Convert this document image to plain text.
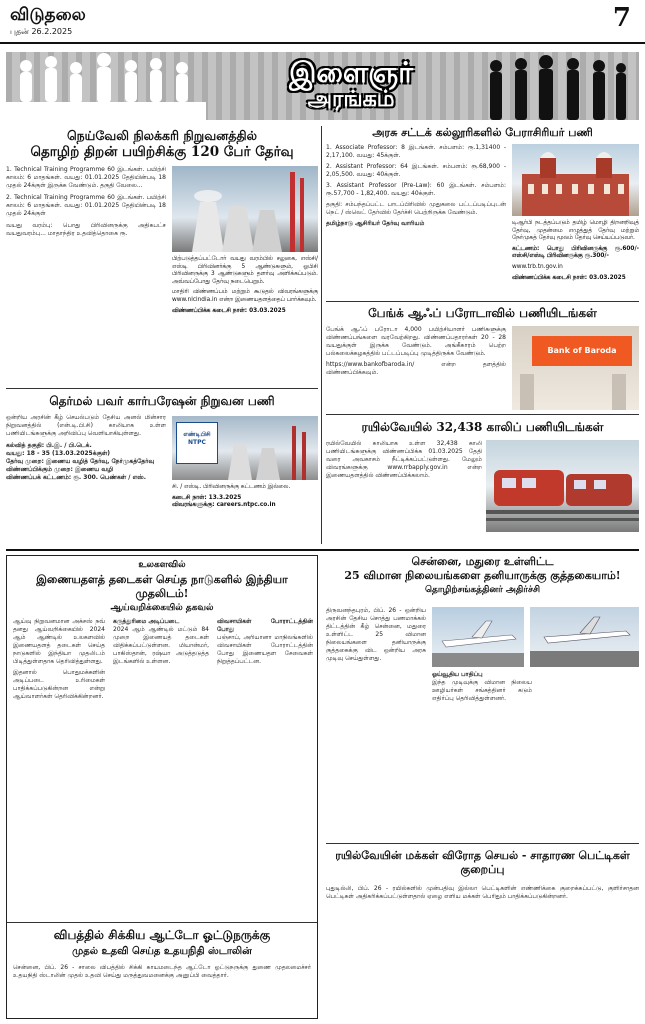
விடுதலை
புதன் 26.2.2025	7
இளைஞர்
அரங்கம்
நெய்வேலி நிலக்கரி நிறுவனத்தில்
தொழிற் திறன் பயிற்சிக்கு 120 பேர் தேர்வு

1. Technical Training Programme 60 இடங்கள். பயிற்சி காலம்: 6 மாதங்கள். வயது: 01.01.2025 தேதியின்படி 18 முதல் 24க்குள் இருக்க வேண்டும். தகுதி வேலை...

2. Technical Training Programme 60 இடங்கள். பயிற்சி காலம்: 6 மாதங்கள். வயது: 01.01.2025 தேதியின்படி 18 முதல் 24க்குள்

வயது வரம்பு: பொது பிரிவினருக்கு அதிகபட்ச வயதுவரம்பு... மாதாந்திர உதவித்தொகை ரூ.

பிற்படுத்தப்பட்டோர் வயது வரம்பில் சலுகை, எஸ்சி/எஸ்டி பிரிவினர்க்கு 5 ஆண்டுகளும், ஓபிசி பிரிவினருக்கு 3 ஆண்டுகளும் தளர்வு அளிக்கப்படும். அவ்வப்போது தேர்வு நடைபெறும்.

மாதிரி விண்ணப்பம் மற்றும் கூடுதல் விவரங்களுக்கு www.nlcindia.in என்ற இணையதளத்தைப் பார்க்கவும்.

விண்ணப்பிக்க கடைசி நாள்: 03.03.2025

தெர்மல் பவர் கார்பரேஷன் நிறுவன பணி

ஒன்றிய அரசின் கீழ் செயல்படும் தேசிய அனல் மின்சார நிறுவனத்தில் (என்.டி.பி.சி) காலியாக உள்ள பணியிடங்களுக்கு அறிவிப்பு வெளியாகியுள்ளது.

கல்வித் தகுதி: பி.இ. / பி.டெக்.

வயது: 18 - 35 (13.03.2025க்குள்)

தேர்வு முறை: இணைய வழித் தேர்வு, நேர்முகத்தேர்வு

விண்ணப்பிக்கும் முறை: இணைய வழி

விண்ணப்பக் கட்டணம்: ரூ. 300. பெண்கள் / எஸ்.

எண்டிபிசி NTPC

சி. / எஸ்டி. பிரிவினருக்கு கட்டணம் இல்லை.

கடைசி நாள்: 13.3.2025

விவரங்களுக்கு: careers.ntpc.co.in

அரசு சட்டக் கல்லூரிகளில் பேராசிரியர் பணி

1. Associate Professor: 8 இடங்கள். சம்பளம்: ரூ.1,31400 - 2,17,100. வயது: 45க்குள்.

2. Assistant Professor: 64 இடங்கள். சம்பளம்: ரூ.68,900 - 2,05,500. வயது: 40க்குள்.

3. Assistant Professor (Pre-Law): 60 இடங்கள். சம்பளம்: ரூ.57,700 - 1,82,400. வயது: 40க்குள்.

தகுதி: சம்பந்தப்பட்ட பாடப்பிரிவில் முதுகலை பட்டப்படிப்புடன் நெட் / ஸ்லெட் தேர்வில் தேர்ச்சி பெற்றிருக்க வேண்டும்.

தமிழ்நாடு ஆசிரியர் தேர்வு வாரியம்	டிஆர்பி நடத்தப்படும் தமிழ் மொழி திறனறிவுத் தேர்வு, முதன்மை எழுத்துத் தேர்வு மற்றும் நேர்முகத் தேர்வு மூலம் தேர்வு செய்யப்படுவர்.

கட்டணம்: பொது பிரிவினருக்கு ரூ.600/- எஸ்சி/எஸ்டி பிரிவினருக்கு ரூ.300/-

www.trb.tn.gov.in

விண்ணப்பிக்க கடைசி நாள்: 03.03.2025

பேங்க் ஆஃப் பரோடாவில் பணியிடங்கள்

பேங்க் ஆஃப் பரோடா 4,000 பயிற்சியாளர் பணிகளுக்கு விண்ணப்பங்களை வரவேற்கிறது. விண்ணப்பதாரர்கள் 20 - 28 வயதுக்குள் இருக்க வேண்டும். அங்கீகாரம் பெற்ற பல்கலைக்கழகத்தில் பட்டப்படிப்பு முடித்திருக்க வேண்டும்.

https://www.bankofbaroda.in/ என்ற தளத்தில் விண்ணப்பிக்கவும்.

Bank of Baroda
ரயில்வேயில் 32,438 காலிப் பணியிடங்கள்

ரயில்வேயில் காலியாக உள்ள 32,438 காலி பணியிடங்களுக்கு விண்ணப்பிக்க 01.03.2025 தேதி வரை அவகாசம் நீட்டிக்கப்பட்டுள்ளது. மேலும் விவரங்களுக்கு www.rrbapply.gov.in என்ற இணையதளத்தில் விண்ணப்பிக்கலாம்.

உலகளவில்
இணையதளத் தடைகள் செய்த நாடுகளில் இந்தியா முதலிடம்!
ஆய்வறிக்கையில் தகவல்

ஆய்வு நிறுவனமான அக்சஸ் நவ் தனது ஆய்வறிக்கையில் 2024 ஆம் ஆண்டில் உலகளவில் இணையதளத் தடைகள் செய்த நாடுகளில் இந்தியா முதலிடம் பிடித்துள்ளதாக தெரிவித்துள்ளது.

இதனால் பொதுமக்களின் அடிப்படை உரிமைகள் பாதிக்கப்படுகின்றன என்று ஆய்வாளர்கள் தெரிவிக்கின்றனர்.

கருத்துரிமை அடிப்படை

2024 ஆம் ஆண்டில் மட்டும் 84 முறை இணையத் தடைகள் விதிக்கப்பட்டுள்ளன. மியான்மர், பாகிஸ்தான், ரஷ்யா அடுத்தடுத்த இடங்களில் உள்ளன.

விவசாயிகள் போராட்டத்தின் போது

பஞ்சாப், அரியானா மாநிலங்களில் விவசாயிகள் போராட்டத்தின் போது இணையதள சேவைகள் நிறுத்தப்பட்டன.

விபத்தில் சிக்கிய ஆட்டோ ஓட்டுநருக்கு
முதல் உதவி செய்த உதயநிதி ஸ்டாலின்

சென்னை, பிப். 26 - சாலை விபத்தில் சிக்கி காயமடைந்த ஆட்டோ ஓட்டுநருக்கு துணை முதலமைச்சர் உதயநிதி ஸ்டாலின் முதல் உதவி செய்து மருத்துவமனைக்கு அனுப்பி வைத்தார்.

சென்னை, மதுரை உள்ளிட்ட
25 விமான நிலையங்களை தனியாருக்கு குத்தகையாம்!
தொழிற்சங்கத்தினர் அதிர்ச்சி

திருவனந்தபுரம், பிப். 26 - ஒன்றிய அரசின் தேசிய சொத்து பணமாக்கல் திட்டத்தின் கீழ் சென்னை, மதுரை உள்ளிட்ட 25 விமான நிலையங்களை தனியாருக்கு குத்தகைக்கு விட ஒன்றிய அரசு முடிவு செய்துள்ளது.

ஓய்வூதிய பாதிப்பு

இந்த முடிவுக்கு விமான நிலைய ஊழியர்கள் சங்கத்தினர் கடும் எதிர்ப்பு தெரிவித்துள்ளனர்.

ரயில்வேயின் மக்கள் விரோத செயல் - சாதாரண பெட்டிகள் குறைப்பு

புதுடில்லி, பிப். 26 - ரயில்களில் முன்பதிவு இல்லா பெட்டிகளின் எண்ணிக்கை குறைக்கப்பட்டு, குளிர்சாதன பெட்டிகள் அதிகரிக்கப்பட்டுள்ளதால் ஏழை எளிய மக்கள் பெரிதும் பாதிக்கப்படுகின்றனர்.
